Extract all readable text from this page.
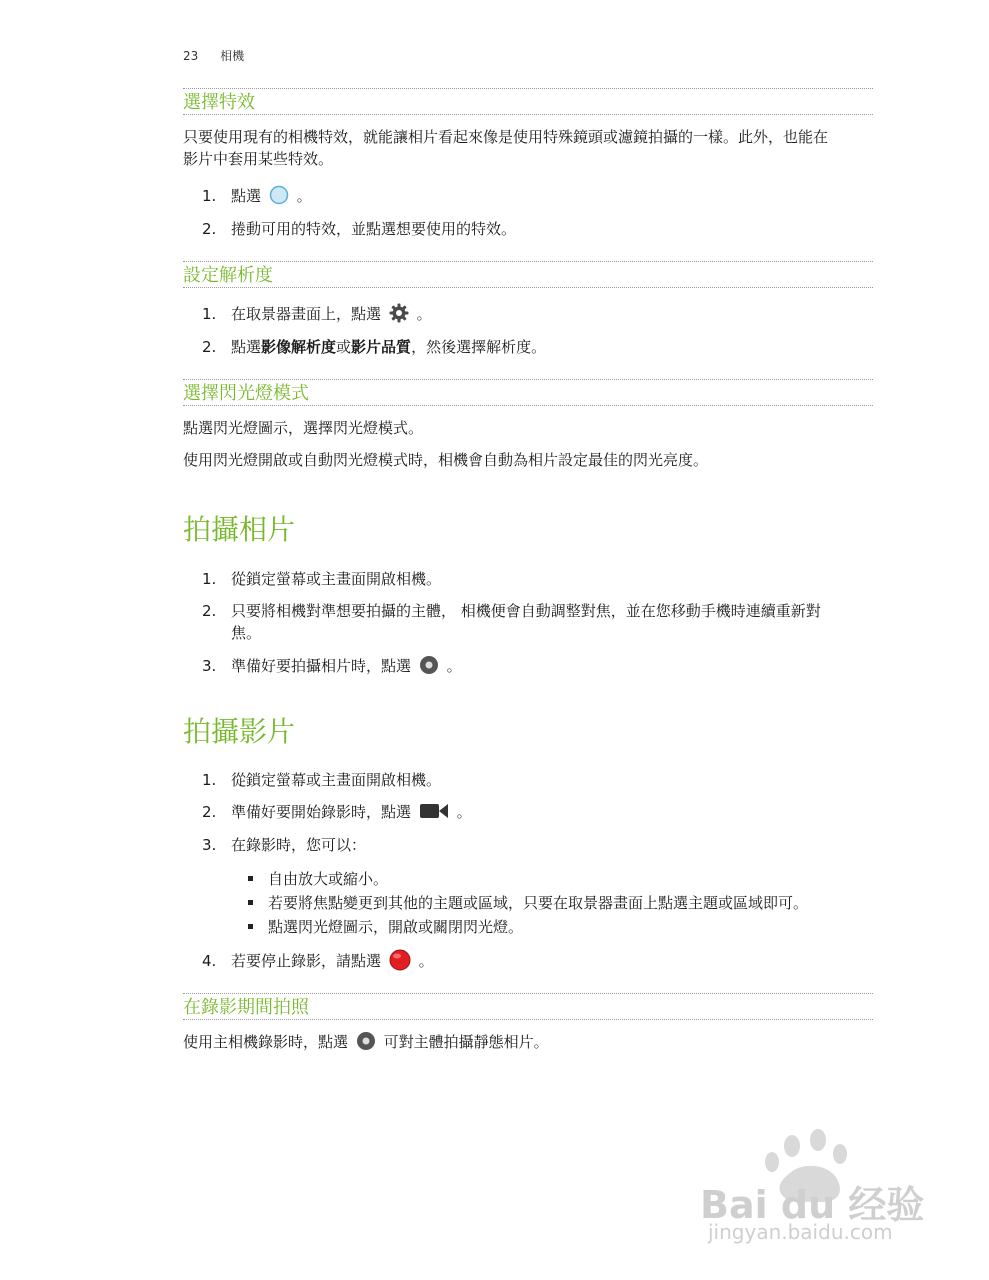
23 相機
選擇特效
只要使用現有的相機特效，就能讓相片看起來像是使用特殊鏡頭或濾鏡拍攝的一樣。此外，也能在
影片中套用某些特效。
1. 點選 。
2. 捲動可用的特效，並點選想要使用的特效。
設定解析度
1. 在取景器畫面上，點選 。
2. 點選影像解析度或影片品質，然後選擇解析度。
選擇閃光燈模式
點選閃光燈圖示，選擇閃光燈模式。
使用閃光燈開啟或自動閃光燈模式時，相機會自動為相片設定最佳的閃光亮度。
拍攝相片
1. 從鎖定螢幕或主畫面開啟相機。
2. 只要將相機對準想要拍攝的主體， 相機便會自動調整對焦，並在您移動手機時連續重新對
焦。
3. 準備好要拍攝相片時，點選 。
拍攝影片
1. 從鎖定螢幕或主畫面開啟相機。
2. 準備好要開始錄影時，點選	。
3. 在錄影時，您可以：
自由放大或縮小。
若要將焦點變更到其他的主題或區域，只要在取景器畫面上點選主題或區域即可。
點選閃光燈圖示，開啟或關閉閃光燈。
4. 若要停止錄影，請點選	。
在錄影期間拍照
使用主相機錄影時，點選 可對主體拍攝靜態相片。
Bai du 经验
jingyan.baidu.com
